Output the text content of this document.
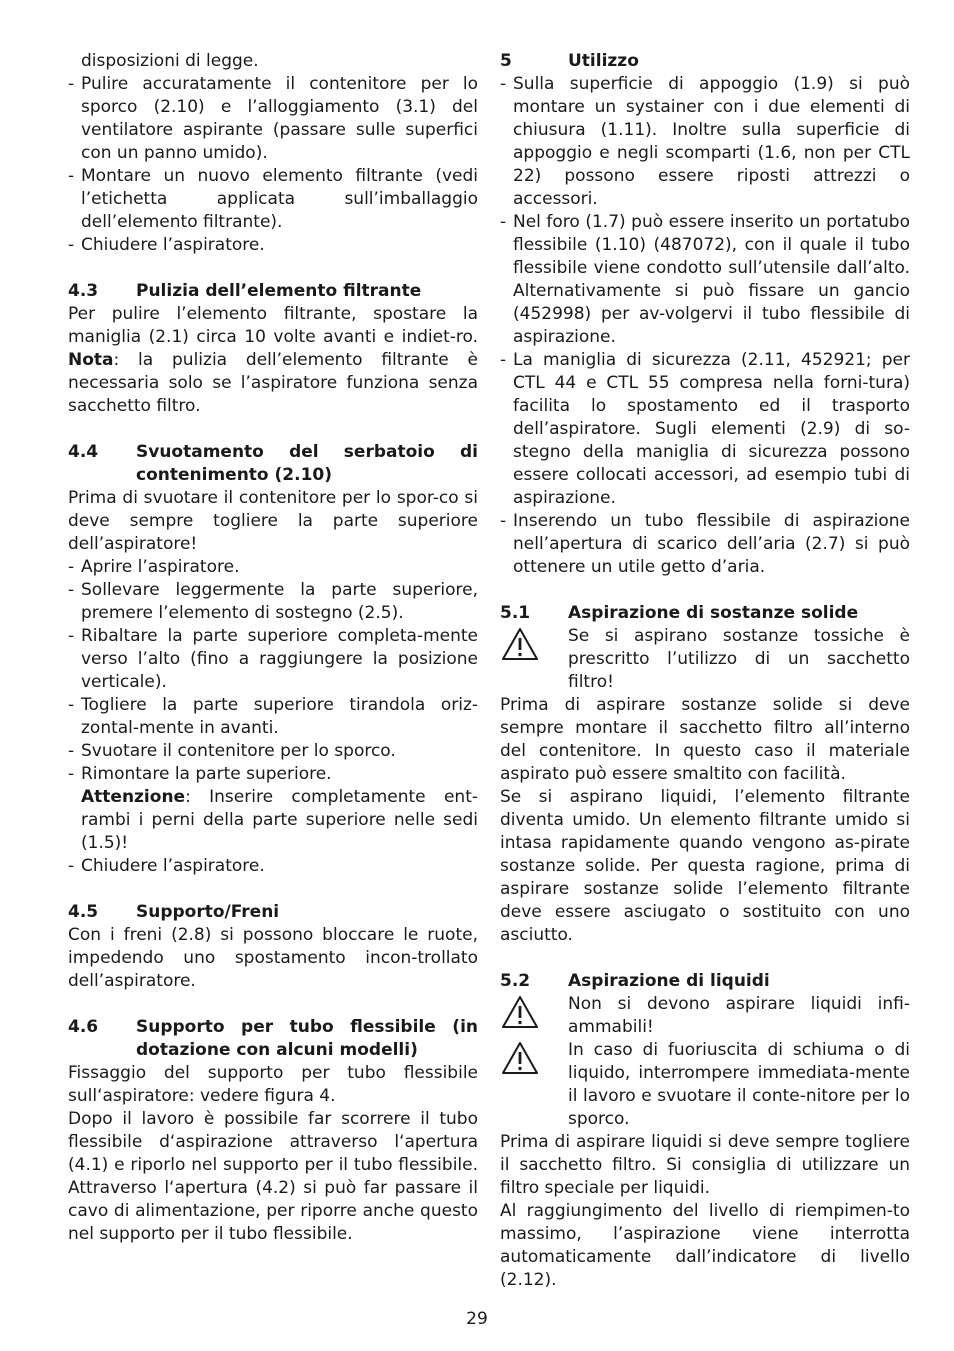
disposizioni di legge.

- Pulire accuratamente il contenitore per lo sporco (2.10) e l’alloggiamento (3.1) del ventilatore aspirante (passare sulle superfici con un panno umido).
- Montare un nuovo elemento filtrante (vedi l’etichetta applicata sull’imballaggio dell’elemento filtrante).
- Chiudere l’aspiratore.
4.3	Pulizia dell’elemento filtrante

Per pulire l’elemento filtrante, spostare la maniglia (2.1) circa 10 volte avanti e indiet-ro. Nota: la pulizia dell’elemento filtrante è necessaria solo se l’aspiratore funziona senza sacchetto filtro.

4.4	Svuotamento del serbatoio di contenimento (2.10)

Prima di svuotare il contenitore per lo spor-co si deve sempre togliere la parte superiore dell’aspiratore!

- Aprire l’aspiratore.
- Sollevare leggermente la parte superiore, premere l’elemento di sostegno (2.5).
- Ribaltare la parte superiore completa-mente verso l’alto (fino a raggiungere la posizione verticale).
- Togliere la parte superiore tirandola oriz-zontal-mente in avanti.
- Svuotare il contenitore per lo sporco.
- Rimontare la parte superiore.

Attenzione: Inserire completamente ent-rambi i perni della parte superiore nelle sedi (1.5)!

- Chiudere l’aspiratore.
4.5	Supporto/Freni

Con i freni (2.8) si possono bloccare le ruote, impedendo uno spostamento incon-trollato dell’aspiratore.

4.6	Supporto per tubo flessibile (in dotazione con alcuni modelli)

Fissaggio del supporto per tubo flessibile sull‘aspiratore: vedere figura 4.

Dopo il lavoro è possibile far scorrere il tubo flessibile d‘aspirazione attraverso l‘apertura (4.1) e riporlo nel supporto per il tubo flessibile. Attraverso l‘apertura (4.2) si può far passare il cavo di alimentazione, per riporre anche questo nel supporto per il tubo flessibile.

5	Utilizzo
- Sulla superficie di appoggio (1.9) si può montare un systainer con i due elementi di chiusura (1.11). Inoltre sulla superficie di appoggio e negli scomparti (1.6, non per CTL 22) possono essere riposti attrezzi o accessori.
- Nel foro (1.7) può essere inserito un portatubo flessibile (1.10) (487072), con il quale il tubo flessibile viene condotto sull’utensile dall’alto. Alternativamente si può fissare un gancio (452998) per av-volgervi il tubo flessibile di aspirazione.
- La maniglia di sicurezza (2.11, 452921; per CTL 44 e CTL 55 compresa nella forni-tura) facilita lo spostamento ed il trasporto dell’aspiratore. Sugli elementi (2.9) di so-stegno della maniglia di sicurezza possono essere collocati accessori, ad esempio tubi di aspirazione.
- Inserendo un tubo flessibile di aspirazione nell’apertura di scarico dell’aria (2.7) si può ottenere un utile getto d’aria.
5.1	Aspirazione di sostanze solide
Se si aspirano sostanze tossiche è prescritto l’utilizzo di un sacchetto filtro!

Prima di aspirare sostanze solide si deve sempre montare il sacchetto filtro all’interno del contenitore. In questo caso il materiale aspirato può essere smaltito con facilità.

Se si aspirano liquidi, l’elemento filtrante diventa umido. Un elemento filtrante umido si intasa rapidamente quando vengono as-pirate sostanze solide. Per questa ragione, prima di aspirare sostanze solide l’elemento filtrante deve essere asciugato o sostituito con uno asciutto.

5.2	Aspirazione di liquidi
Non si devono aspirare liquidi infi-ammabili!
In caso di fuoriuscita di schiuma o di liquido, interrompere immediata-mente il lavoro e svuotare il conte-nitore per lo sporco.

Prima di aspirare liquidi si deve sempre togliere il sacchetto filtro. Si consiglia di utilizzare un filtro speciale per liquidi.

Al raggiungimento del livello di riempimen-to massimo, l’aspirazione viene interrotta automaticamente dall’indicatore di livello (2.12).

29
